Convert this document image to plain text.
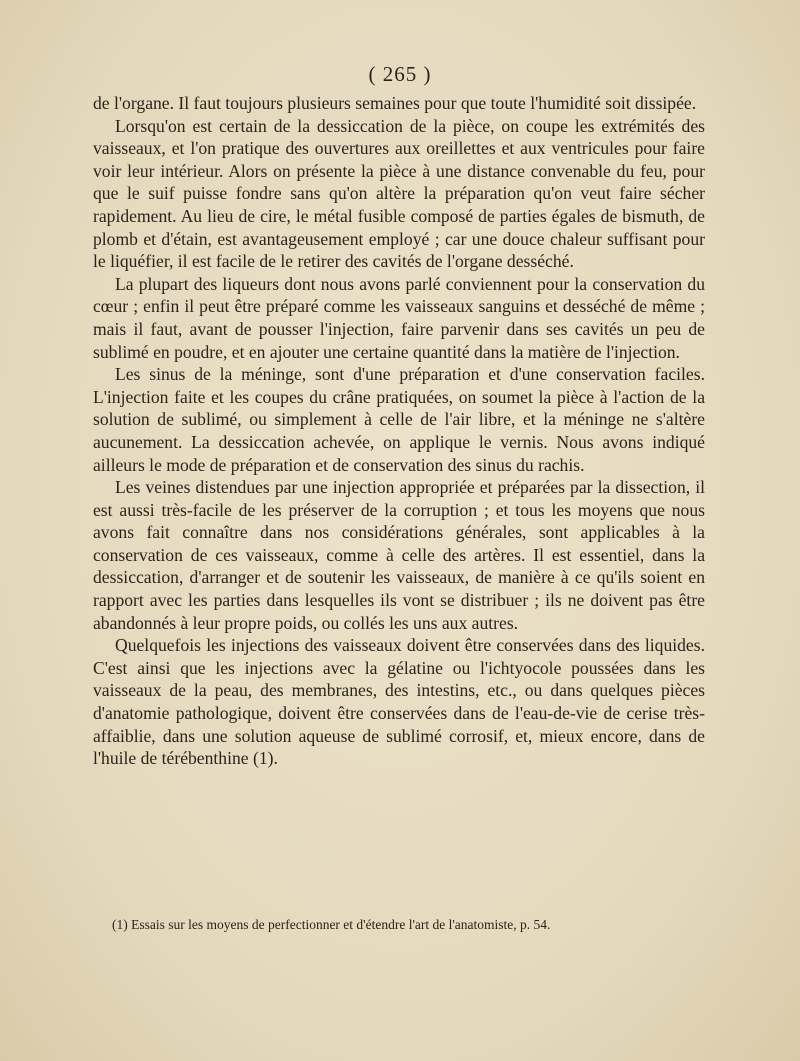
( 265 )

de l'organe. Il faut toujours plusieurs semaines pour que toute l'humidité soit dissipée.

Lorsqu'on est certain de la dessiccation de la pièce, on coupe les extrémités des vaisseaux, et l'on pratique des ouvertures aux oreillettes et aux ventricules pour faire voir leur intérieur. Alors on présente la pièce à une distance convenable du feu, pour que le suif puisse fondre sans qu'on altère la préparation qu'on veut faire sécher rapidement. Au lieu de cire, le métal fusible composé de parties égales de bismuth, de plomb et d'étain, est avantageusement employé ; car une douce chaleur suffisant pour le liquéfier, il est facile de le retirer des cavités de l'organe desséché.

La plupart des liqueurs dont nous avons parlé conviennent pour la conservation du cœur ; enfin il peut être préparé comme les vaisseaux sanguins et desséché de même ; mais il faut, avant de pousser l'injection, faire parvenir dans ses cavités un peu de sublimé en poudre, et en ajouter une certaine quantité dans la matière de l'injection.

Les sinus de la méninge, sont d'une préparation et d'une conservation faciles. L'injection faite et les coupes du crâne pratiquées, on soumet la pièce à l'action de la solution de sublimé, ou simplement à celle de l'air libre, et la méninge ne s'altère aucunement. La dessiccation achevée, on applique le vernis. Nous avons indiqué ailleurs le mode de préparation et de conservation des sinus du rachis.

Les veines distendues par une injection appropriée et préparées par la dissection, il est aussi très-facile de les préserver de la corruption ; et tous les moyens que nous avons fait connaître dans nos considérations générales, sont applicables à la conservation de ces vaisseaux, comme à celle des artères. Il est essentiel, dans la dessiccation, d'arranger et de soutenir les vaisseaux, de manière à ce qu'ils soient en rapport avec les parties dans lesquelles ils vont se distribuer ; ils ne doivent pas être abandonnés à leur propre poids, ou collés les uns aux autres.

Quelquefois les injections des vaisseaux doivent être conservées dans des liquides. C'est ainsi que les injections avec la gélatine ou l'ichtyocole poussées dans les vaisseaux de la peau, des membranes, des intestins, etc., ou dans quelques pièces d'anatomie pathologique, doivent être conservées dans de l'eau-de-vie de cerise très-affaiblie, dans une solution aqueuse de sublimé corrosif, et, mieux encore, dans de l'huile de térébenthine (1).

(1) Essais sur les moyens de perfectionner et d'étendre l'art de l'anatomiste, p. 54.
